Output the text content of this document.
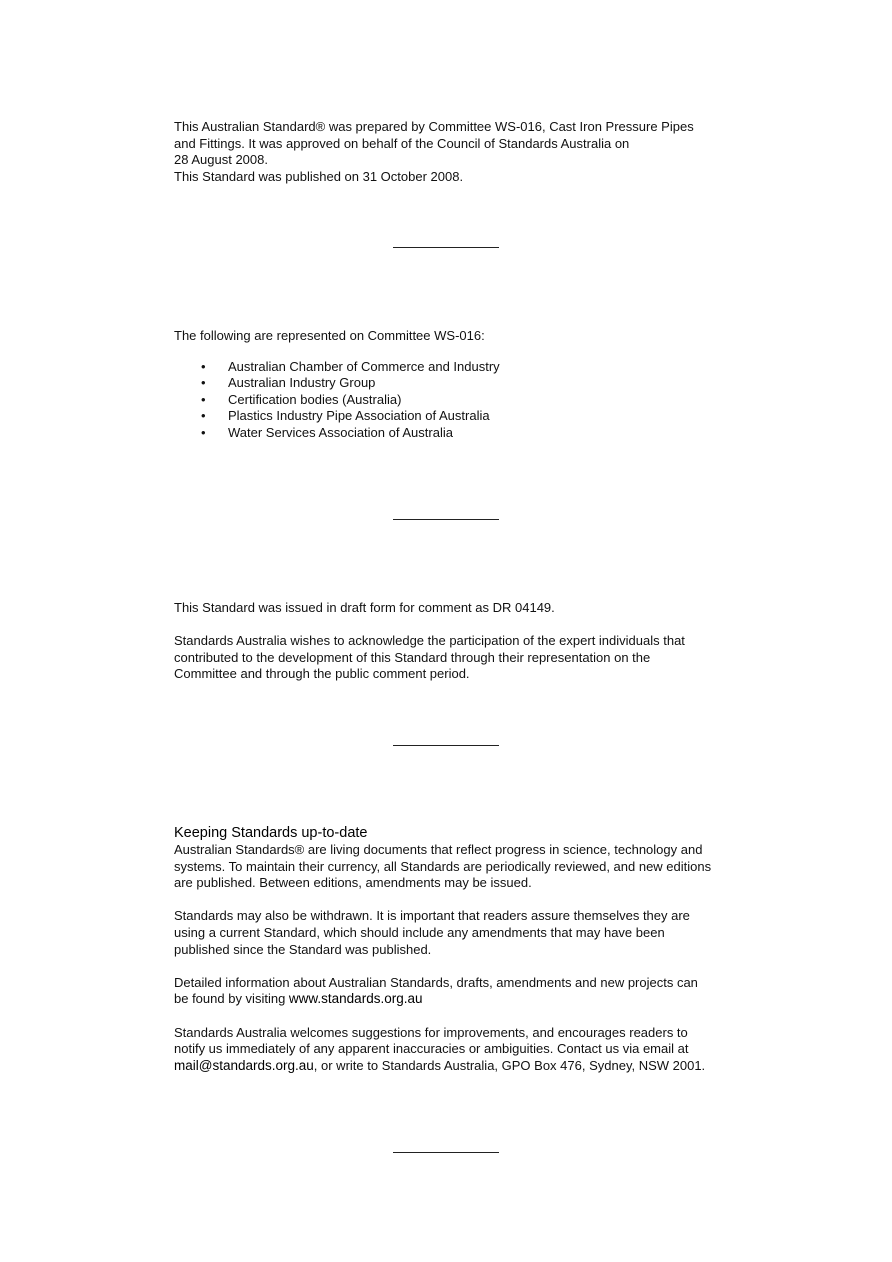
This Australian Standard® was prepared by Committee WS-016, Cast Iron Pressure Pipes

and Fittings. It was approved on behalf of the Council of Standards Australia on

28 August 2008.

This Standard was published on 31 October 2008.

The following are represented on Committee WS-016:

• Australian Chamber of Commerce and Industry
• Australian Industry Group
• Certification bodies (Australia)
• Plastics Industry Pipe Association of Australia
• Water Services Association of Australia

This Standard was issued in draft form for comment as DR 04149.

Standards Australia wishes to acknowledge the participation of the expert individuals that

contributed to the development of this Standard through their representation on the

Committee and through the public comment period.

Keeping Standards up-to-date

Australian Standards® are living documents that reflect progress in science, technology and

systems. To maintain their currency, all Standards are periodically reviewed, and new editions

are published. Between editions, amendments may be issued.

Standards may also be withdrawn. It is important that readers assure themselves they are

using a current Standard, which should include any amendments that may have been

published since the Standard was published.

Detailed information about Australian Standards, drafts, amendments and new projects can

be found by visiting www.standards.org.au

Standards Australia welcomes suggestions for improvements, and encourages readers to

notify us immediately of any apparent inaccuracies or ambiguities. Contact us via email at

mail@standards.org.au, or write to Standards Australia, GPO Box 476, Sydney, NSW 2001.
